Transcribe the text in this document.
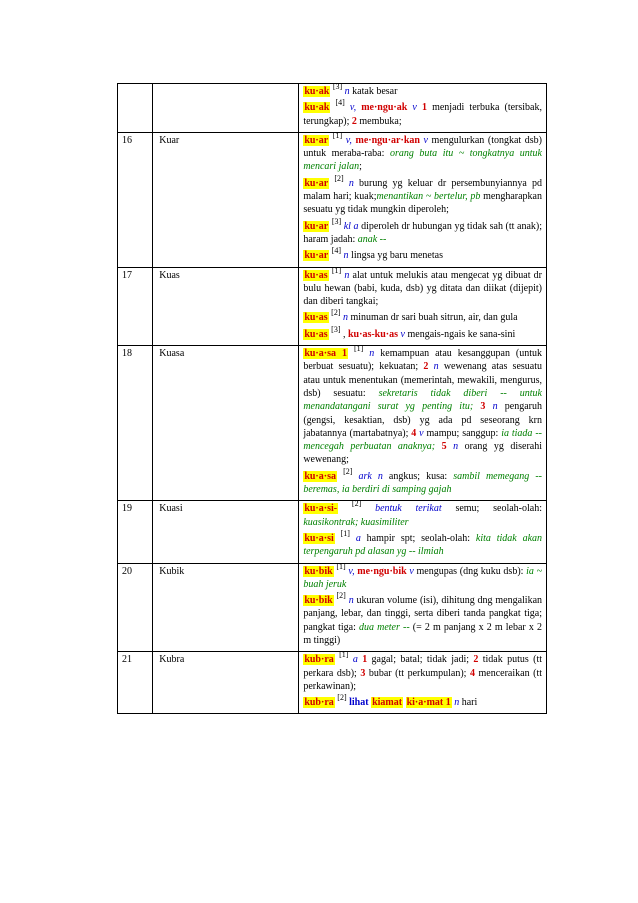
		ku·ak [3] n katak besar
ku·ak [4] v, me·ngu·ak v 1 menjadi terbuka (tersibak, terungkap); 2 membuka;

16	Kuar	ku·ar [1] v, me·ngu·ar·kan v mengulurkan (tongkat dsb) untuk meraba-raba: orang buta itu ~ tongkatnya untuk mencari jalan;
ku·ar [2] n burung yg keluar dr persembunyiannya pd malam hari; kuak;menantikan ~ bertelur, pb mengharapkan sesuatu yg tidak mungkin diperoleh;
ku·ar [3] kl a diperoleh dr hubungan yg tidak sah (tt anak); haram jadah: anak --
ku·ar [4] n lingsa yg baru menetas

17	Kuas	ku·as [1] n alat untuk melukis atau mengecat yg dibuat dr bulu hewan (babi, kuda, dsb) yg ditata dan diikat (dijepit) dan diberi tangkai;
ku·as [2] n minuman dr sari buah sitrun, air, dan gula
ku·as [3] , ku·as-ku·as v mengais-ngais ke sana-sini

18	Kuasa	ku·a·sa 1 [1] n kemampuan atau kesanggupan (untuk berbuat sesuatu); kekuatan; 2 n wewenang atas sesuatu atau untuk menentukan (memerintah, mewakili, mengurus, dsb) sesuatu: sekretaris tidak diberi -- untuk menandatangani surat yg penting itu; 3 n pengaruh (gengsi, kesaktian, dsb) yg ada pd seseorang krn jabatannya (martabatnya); 4 v mampu; sanggup: ia tiada -- mencegah perbuatan anaknya; 5 n orang yg diserahi wewenang;
ku·a·sa [2] ark n angkus; kusa: sambil memegang -- beremas, ia berdiri di samping gajah

19	Kuasi	ku·a·si- [2] bentuk terikat semu; seolah-olah: kuasikontrak; kuasimiliter
ku·a·si [1] a hampir spt; seolah-olah: kita tidak akan terpengaruh pd alasan yg -- ilmiah

20	Kubik	ku·bik [1] v, me·ngu·bik v mengupas (dng kuku dsb): ia ~ buah jeruk
ku·bik [2] n ukuran volume (isi), dihitung dng mengalikan panjang, lebar, dan tinggi, serta diberi tanda pangkat tiga; pangkat tiga: dua meter -- (= 2 m panjang x 2 m lebar x 2 m tinggi)

21	Kubra	kub·ra [1] a 1 gagal; batal; tidak jadi; 2 tidak putus (tt perkara dsb); 3 bubar (tt perkumpulan); 4 menceraikan (tt perkawinan);
kub·ra [2] lihat kiamat ki·a·mat 1 n hari
